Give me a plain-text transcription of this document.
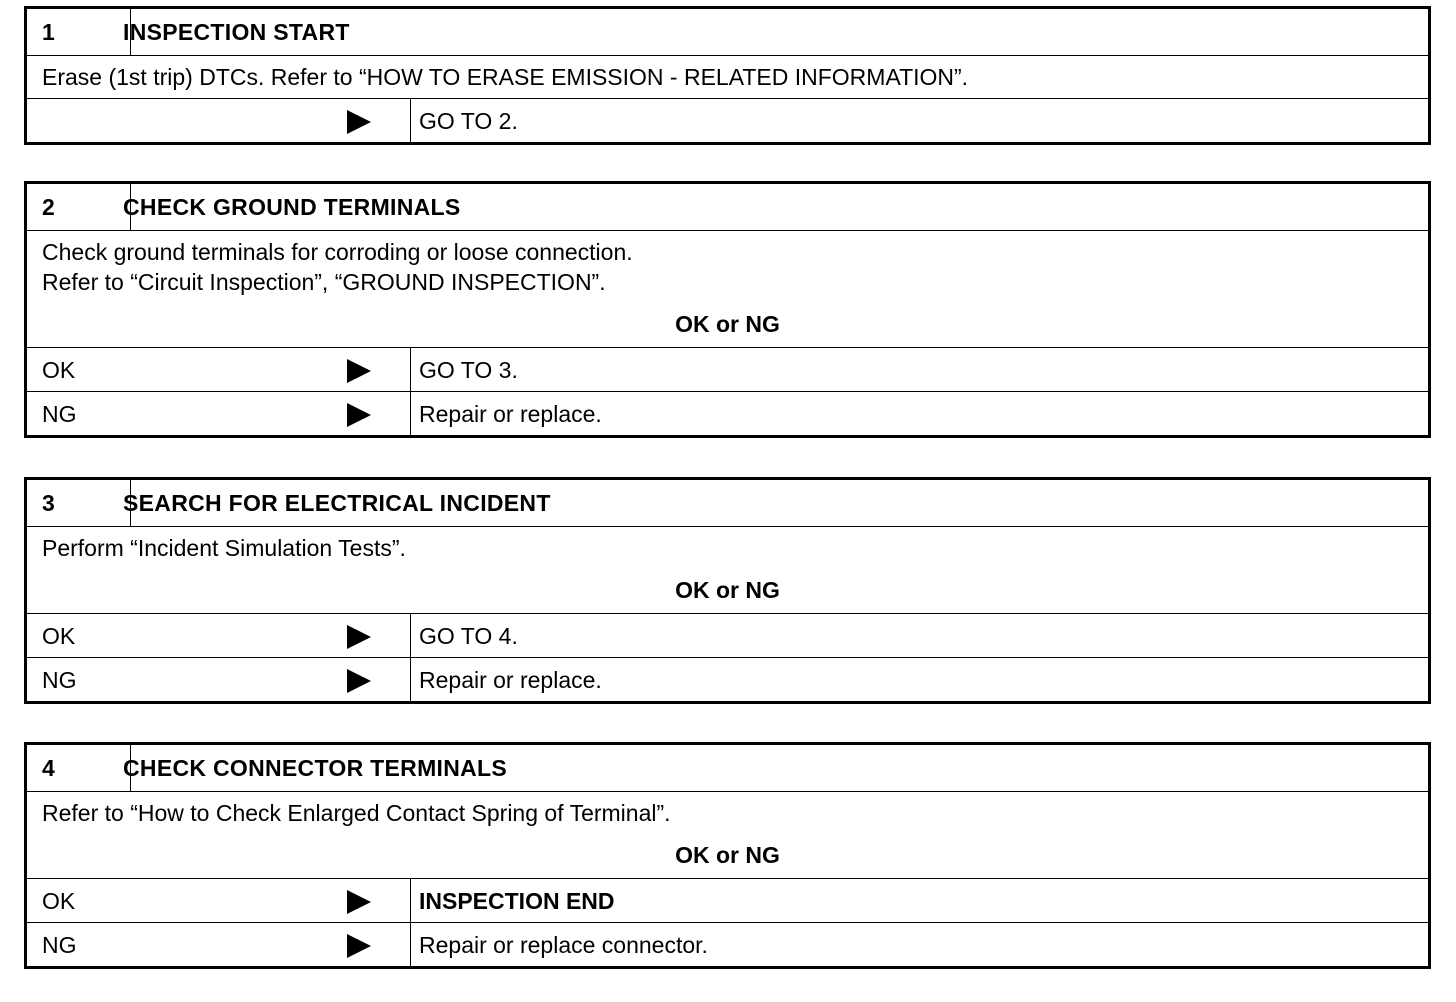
1	INSPECTION START
Erase (1st trip) DTCs. Refer to “HOW TO ERASE EMISSION - RELATED INFORMATION”.
GO TO 2.
2	CHECK GROUND TERMINALS
Check ground terminals for corroding or loose connection.
Refer to “Circuit Inspection”, “GROUND INSPECTION”.
OK or NG
OK	GO TO 3.
NG	Repair or replace.
3	SEARCH FOR ELECTRICAL INCIDENT
Perform “Incident Simulation Tests”.
OK or NG
OK	GO TO 4.
NG	Repair or replace.
4	CHECK CONNECTOR TERMINALS
Refer to “How to Check Enlarged Contact Spring of Terminal”.
OK or NG
OK	INSPECTION END
NG	Repair or replace connector.
